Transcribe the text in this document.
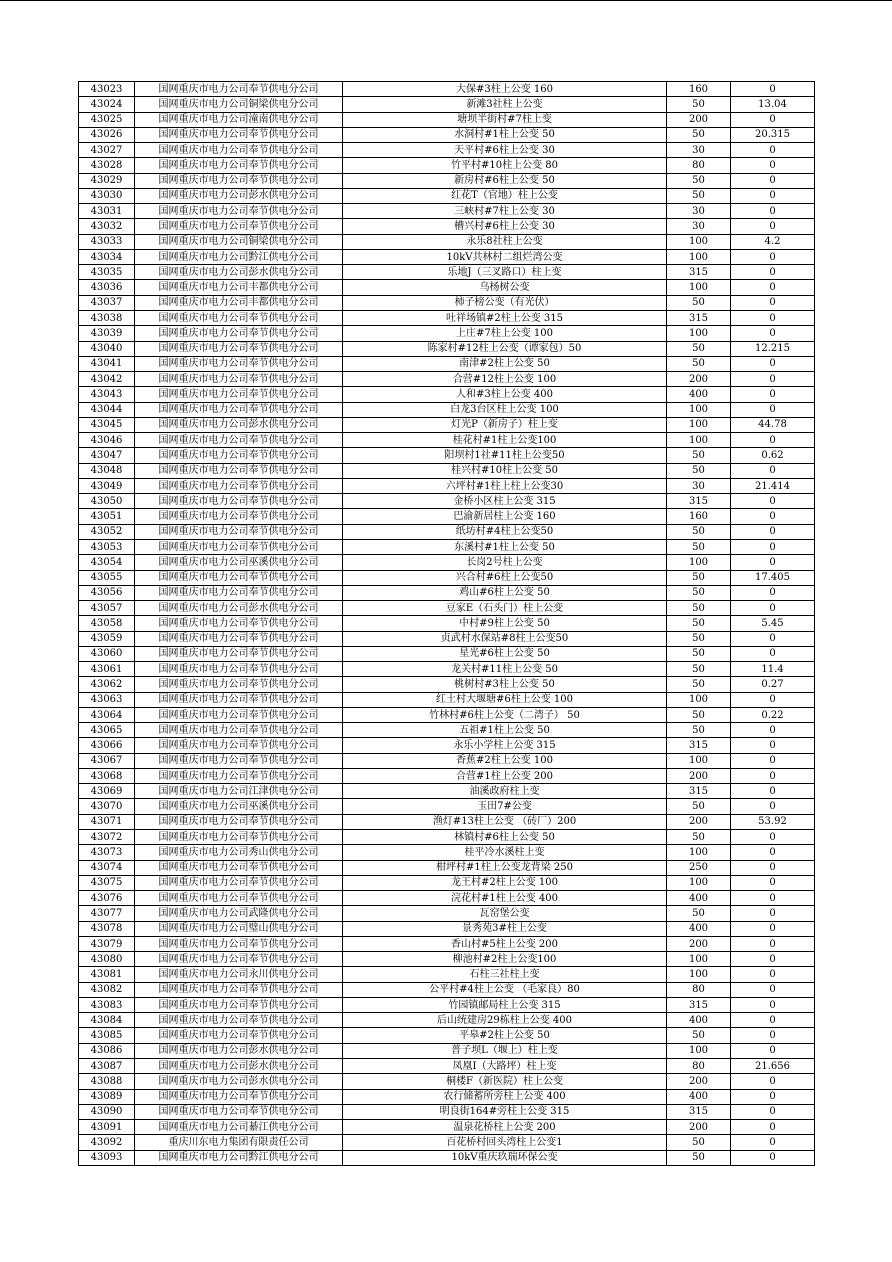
43023	国网重庆市电力公司奉节供电分公司	大保#3柱上公变 160	160	0
43024	国网重庆市电力公司铜梁供电分公司	新滩3社柱上公变	50	13.04
43025	国网重庆市电力公司潼南供电分公司	塘坝半街村#7柱上变	200	0
43026	国网重庆市电力公司奉节供电分公司	水洞村#1柱上公变 50	50	20.315
43027	国网重庆市电力公司奉节供电分公司	天平村#6柱上公变 30	30	0
43028	国网重庆市电力公司奉节供电分公司	竹平村#10柱上公变 80	80	0
43029	国网重庆市电力公司奉节供电分公司	新房村#6柱上公变 50	50	0
43030	国网重庆市电力公司彭水供电分公司	红花T（官地）柱上公变	50	0
43031	国网重庆市电力公司奉节供电分公司	三峡村#7柱上公变 30	30	0
43032	国网重庆市电力公司奉节供电分公司	槽兴村#6柱上公变 30	30	0
43033	国网重庆市电力公司铜梁供电分公司	永乐8社柱上公变	100	4.2
43034	国网重庆市电力公司黔江供电分公司	10kV共林村二组烂湾公变	100	0
43035	国网重庆市电力公司彭水供电分公司	乐地J（三叉路口）柱上变	315	0
43036	国网重庆市电力公司丰都供电分公司	乌杨树公变	100	0
43037	国网重庆市电力公司丰都供电分公司	柿子榜公变（有光伏）	50	0
43038	国网重庆市电力公司奉节供电分公司	吐祥场镇#2柱上公变 315	315	0
43039	国网重庆市电力公司奉节供电分公司	上庄#7柱上公变 100	100	0
43040	国网重庆市电力公司奉节供电分公司	陈家村#12柱上公变（谭家包）50	50	12.215
43041	国网重庆市电力公司奉节供电分公司	南津#2柱上公变 50	50	0
43042	国网重庆市电力公司奉节供电分公司	合营#12柱上公变 100	200	0
43043	国网重庆市电力公司奉节供电分公司	人和#3柱上公变 400	400	0
43044	国网重庆市电力公司奉节供电分公司	白龙3台区柱上公变 100	100	0
43045	国网重庆市电力公司彭水供电分公司	灯光P（新房子）柱上变	100	44.78
43046	国网重庆市电力公司奉节供电分公司	桂花村#1柱上公变100	100	0
43047	国网重庆市电力公司奉节供电分公司	阳坝村1社#11柱上公变50	50	0.62
43048	国网重庆市电力公司奉节供电分公司	桂兴村#10柱上公变 50	50	0
43049	国网重庆市电力公司奉节供电分公司	六坪村#1柱上柱上公变30	30	21.414
43050	国网重庆市电力公司奉节供电分公司	金桥小区柱上公变 315	315	0
43051	国网重庆市电力公司奉节供电分公司	巴渝新居柱上公变 160	160	0
43052	国网重庆市电力公司奉节供电分公司	纸坊村#4柱上公变50	50	0
43053	国网重庆市电力公司奉节供电分公司	东溪村#1柱上公变 50	50	0
43054	国网重庆市电力公司巫溪供电分公司	长岗2号柱上公变	100	0
43055	国网重庆市电力公司奉节供电分公司	兴合村#6柱上公变50	50	17.405
43056	国网重庆市电力公司奉节供电分公司	鸡山#6柱上公变 50	50	0
43057	国网重庆市电力公司彭水供电分公司	豆家E（石头门）柱上公变	50	0
43058	国网重庆市电力公司奉节供电分公司	中村#9柱上公变 50	50	5.45
43059	国网重庆市电力公司奉节供电分公司	贞武村水保站#8柱上公变50	50	0
43060	国网重庆市电力公司奉节供电分公司	星光#6柱上公变 50	50	0
43061	国网重庆市电力公司奉节供电分公司	龙关村#11柱上公变 50	50	11.4
43062	国网重庆市电力公司奉节供电分公司	桃树村#3柱上公变 50	50	0.27
43063	国网重庆市电力公司奉节供电分公司	红土村大堰塘#6柱上公变 100	100	0
43064	国网重庆市电力公司奉节供电分公司	竹林村#6柱上公变（二湾子） 50	50	0.22
43065	国网重庆市电力公司奉节供电分公司	五祖#1柱上公变 50	50	0
43066	国网重庆市电力公司奉节供电分公司	永乐小学柱上公变 315	315	0
43067	国网重庆市电力公司奉节供电分公司	香蕉#2柱上公变 100	100	0
43068	国网重庆市电力公司奉节供电分公司	合营#1柱上公变 200	200	0
43069	国网重庆市电力公司江津供电分公司	油溪政府柱上变	315	0
43070	国网重庆市电力公司巫溪供电分公司	玉田7#公变	50	0
43071	国网重庆市电力公司奉节供电分公司	渔灯#13柱上公变 （砖厂）200	200	53.92
43072	国网重庆市电力公司奉节供电分公司	林镇村#6柱上公变 50	50	0
43073	国网重庆市电力公司秀山供电分公司	桂平冷水溪柱上变	100	0
43074	国网重庆市电力公司奉节供电分公司	柑坪村#1柱上公变龙背梁 250	250	0
43075	国网重庆市电力公司奉节供电分公司	龙王村#2柱上公变 100	100	0
43076	国网重庆市电力公司奉节供电分公司	浣花村#1柱上公变 400	400	0
43077	国网重庆市电力公司武隆供电分公司	瓦窑堡公变	50	0
43078	国网重庆市电力公司璧山供电分公司	景秀苑3#柱上公变	400	0
43079	国网重庆市电力公司奉节供电分公司	香山村#5柱上公变 200	200	0
43080	国网重庆市电力公司奉节供电分公司	柳池村#2柱上公变100	100	0
43081	国网重庆市电力公司永川供电分公司	石柱三社柱上变	100	0
43082	国网重庆市电力公司奉节供电分公司	公平村#4柱上公变 （毛家良）80	80	0
43083	国网重庆市电力公司奉节供电分公司	竹园镇邮局柱上公变 315	315	0
43084	国网重庆市电力公司奉节供电分公司	后山统建房29栋柱上公变 400	400	0
43085	国网重庆市电力公司奉节供电分公司	平皋#2柱上公变 50	50	0
43086	国网重庆市电力公司彭水供电分公司	普子坝L（堰上）柱上变	100	0
43087	国网重庆市电力公司彭水供电分公司	凤凰I（大路坪）柱上变	80	21.656
43088	国网重庆市电力公司彭水供电分公司	桐楼F（新医院）柱上公变	200	0
43089	国网重庆市电力公司奉节供电分公司	农行储蓄所旁柱上公变 400	400	0
43090	国网重庆市电力公司奉节供电分公司	明良街164#旁柱上公变 315	315	0
43091	国网重庆市电力公司綦江供电分公司	温泉花桥柱上公变 200	200	0
43092	重庆川东电力集团有限责任公司	百花桥村回头湾柱上公变1	50	0
43093	国网重庆市电力公司黔江供电分公司	10kV重庆玖瑞环保公变	50	0
